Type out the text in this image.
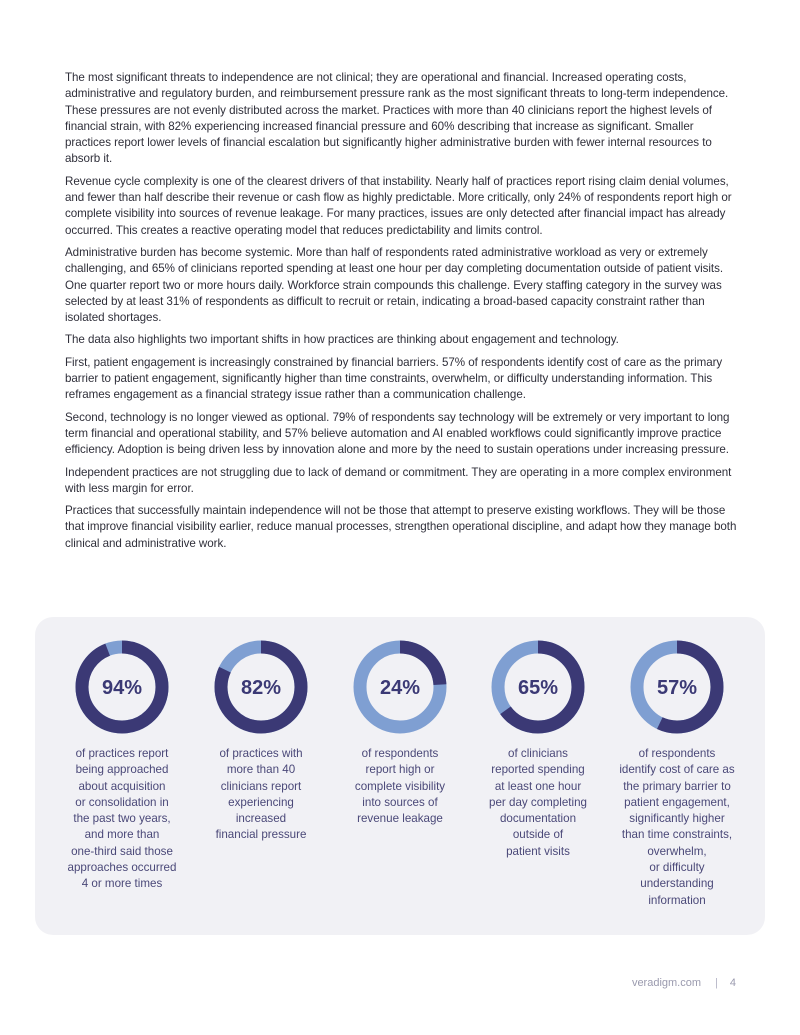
The most significant threats to independence are not clinical; they are operational and financial. Increased operating costs, administrative and regulatory burden, and reimbursement pressure rank as the most significant threats to long-term independence. These pressures are not evenly distributed across the market. Practices with more than 40 clinicians report the highest levels of financial strain, with 82% experiencing increased financial pressure and 60% describing that increase as significant. Smaller practices report lower levels of financial escalation but significantly higher administrative burden with fewer internal resources to absorb it.

Revenue cycle complexity is one of the clearest drivers of that instability. Nearly half of practices report rising claim denial volumes, and fewer than half describe their revenue or cash flow as highly predictable. More critically, only 24% of respondents report high or complete visibility into sources of revenue leakage. For many practices, issues are only detected after financial impact has already occurred. This creates a reactive operating model that reduces predictability and limits control.

Administrative burden has become systemic. More than half of respondents rated administrative workload as very or extremely challenging, and 65% of clinicians reported spending at least one hour per day completing documentation outside of patient visits. One quarter report two or more hours daily. Workforce strain compounds this challenge. Every staffing category in the survey was selected by at least 31% of respondents as difficult to recruit or retain, indicating a broad-based capacity constraint rather than isolated shortages.

The data also highlights two important shifts in how practices are thinking about engagement and technology.

First, patient engagement is increasingly constrained by financial barriers. 57% of respondents identify cost of care as the primary barrier to patient engagement, significantly higher than time constraints, overwhelm, or difficulty understanding information. This reframes engagement as a financial strategy issue rather than a communication challenge.

Second, technology is no longer viewed as optional. 79% of respondents say technology will be extremely or very important to long term financial and operational stability, and 57% believe automation and AI enabled workflows could significantly improve practice efficiency. Adoption is being driven less by innovation alone and more by the need to sustain operations under increasing pressure.

Independent practices are not struggling due to lack of demand or commitment. They are operating in a more complex environment with less margin for error.

Practices that successfully maintain independence will not be those that attempt to preserve existing workflows. They will be those that improve financial visibility earlier, reduce manual processes, strengthen operational discipline, and adapt how they manage both clinical and administrative work.

94%
of practices report
being approached
about acquisition
or consolidation in
the past two years,
and more than
one-third said those
approaches occurred
4 or more times
82%
of practices with
more than 40
clinicians report
experiencing
increased
financial pressure
24%
of respondents
report high or
complete visibility
into sources of
revenue leakage
65%
of clinicians
reported spending
at least one hour
per day completing
documentation
outside of
patient visits
57%
of respondents
identify cost of care as
the primary barrier to
patient engagement,
significantly higher
than time constraints,
overwhelm,
or difficulty
understanding
information
veradigm.com | 4
